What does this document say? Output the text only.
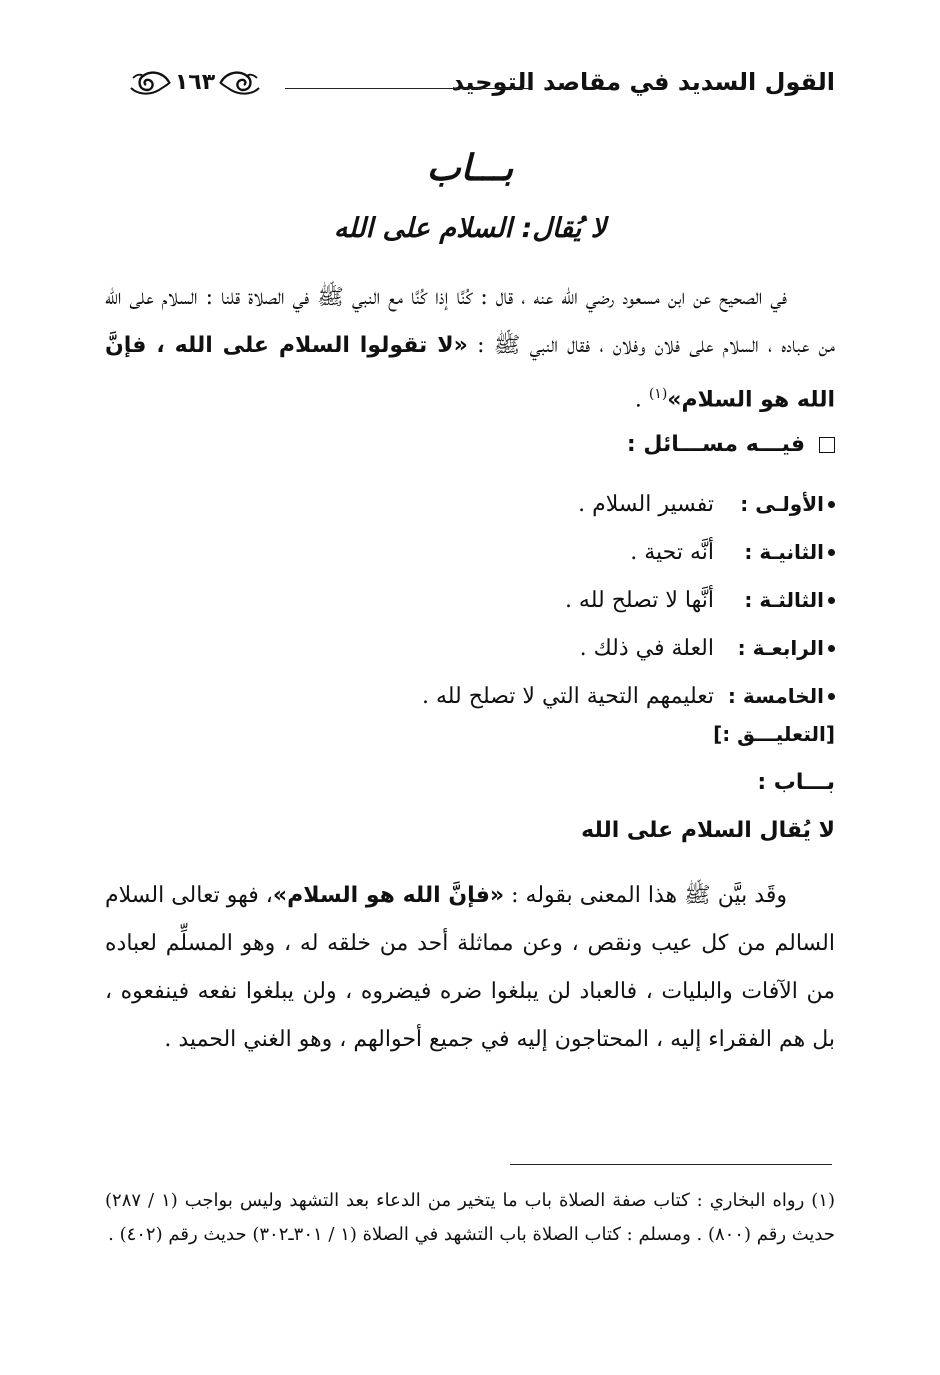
القول السديد في مقاصد التوحيد
١٦٣
بـــاب
لا يُقال: السلام على الله
في الصحيح عن ابن مسعود رضي الله عنه ، قال : كُنَّا إذا كُنَّا مع النبي ﷺ في الصلاة قلنا : السلام على الله من عباده ، السلام على فلان وفلان ، فقال النبي ﷺ : «لا تقولوا السلام على الله ، فإنَّ الله هو السلام»$^{(١)}$ .
فيـــه مســـائل :
الأولـى :
تفسير السلام .
الثانيـة :
أنَّه تحية .
الثالثـة :
أنَّها لا تصلح لله .
الرابعـة :
العلة في ذلك .
الخامسة :
تعليمهم التحية التي لا تصلح لله .
[التعليـــق :]
بـــاب :
لا يُقال السلام على الله
وقَد بيَّن ﷺ هذا المعنى بقوله : «فإنَّ الله هو السلام»، فهو تعالى السلام السالم من كل عيب ونقص ، وعن مماثلة أحد من خلقه له ، وهو المسلِّم لعباده من الآفات والبليات ، فالعباد لن يبلغوا ضره فيضروه ، ولن يبلغوا نفعه فينفعوه ، بل هم الفقراء إليه ، المحتاجون إليه في جميع أحوالهم ، وهو الغني الحميد .
(١) رواه البخاري : كتاب صفة الصلاة باب ما يتخير من الدعاء بعد التشهد وليس بواجب (١ / ٢٨٧) حديث رقم (٨٠٠) . ومسلم : كتاب الصلاة باب التشهد في الصلاة (١ / ٣٠١ـ٣٠٢) حديث رقم (٤٠٢) .
